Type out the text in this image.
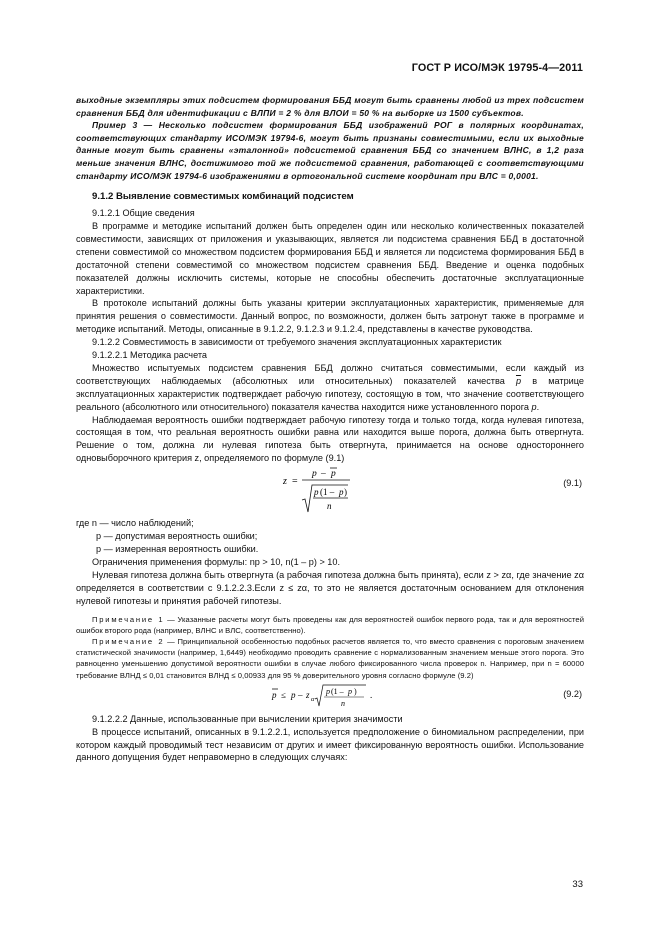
ГОСТ Р ИСО/МЭК 19795-4—2011

выходные экземпляры этих подсистем формирования ББД могут быть сравнены любой из трех подсистем сравнения ББД для идентификации с ВЛПИ = 2 % для ВЛОИ = 50 % на выборке из 1500 субъектов.

Пример 3 — Несколько подсистем формирования ББД изображений РОГ в полярных координатах, соответствующих стандарту ИСО/МЭК 19794-6, могут быть признаны совместимыми, если их выходные данные могут быть сравнены «эталонной» подсистемой сравнения ББД со значением ВЛНС, в 1,2 раза меньше значения ВЛНС, достижимого той же подсистемой сравнения, работающей с соответствующими стандарту ИСО/МЭК 19794-6 изображениями в ортогональной системе координат при ВЛС = 0,0001.

9.1.2 Выявление совместимых комбинаций подсистем

9.1.2.1 Общие сведения

В программе и методике испытаний должен быть определен один или несколько количественных показателей совместимости, зависящих от приложения и указывающих, является ли подсистема сравнения ББД в достаточной степени совместимой со множеством подсистем формирования ББД и является ли подсистема формирования ББД в достаточной степени совместимой со множеством подсистем сравнения ББД. Введение и оценка подобных показателей должны исключить системы, которые не способны обеспечить достаточные эксплуатационные характеристики.

В протоколе испытаний должны быть указаны критерии эксплуатационных характеристик, применяемые для принятия решения о совместимости. Данный вопрос, по возможности, должен быть затронут также в программе и методике испытаний. Методы, описанные в 9.1.2.2, 9.1.2.3 и 9.1.2.4, представлены в качестве руководства.

9.1.2.2 Совместимость в зависимости от требуемого значения эксплуатационных характеристик

9.1.2.2.1 Методика расчета

Множество испытуемых подсистем сравнения ББД должно считаться совместимыми, если каждый из соответствующих наблюдаемых (абсолютных или относительных) показателей качества $\overline{p}$ в матрице эксплуатационных характеристик подтверждает рабочую гипотезу, состоящую в том, что значение соответствующего реального (абсолютного или относительного) показателя качества находится ниже установленного порога p.

Наблюдаемая вероятность ошибки подтверждает рабочую гипотезу тогда и только тогда, когда нулевая гипотеза, состоящая в том, что реальная вероятность ошибки равна или находится выше порога, должна быть отвергнута. Решение о том, должна ли нулевая гипотеза быть отвергнута, принимается на основе одностороннего одновыборочного критерия z, определяемого по формуле (9.1)

z =
p – p
p (1 – p )
n
(9.1)

где n — число наблюдений;

p — допустимая вероятность ошибки;

p — измеренная вероятность ошибки.

Ограничения применения формулы: np > 10, n(1 – p) > 10.

Нулевая гипотеза должна быть отвергнута (а рабочая гипотеза должна быть принята), если z > zα, где значение zα определяется в соответствии с 9.1.2.2.3.Если z ≤ zα, то это не является достаточным основанием для отклонения нулевой гипотезы и принятия рабочей гипотезы.

Примечание 1 — Указанные расчеты могут быть проведены как для вероятностей ошибок первого рода, так и для вероятностей ошибок второго рода (например, ВЛНС и ВЛС, соответственно).

Примечание 2 — Принципиальной особенностью подобных расчетов является то, что вместо сравнения с пороговым значением статистической значимости (например, 1,6449) необходимо проводить сравнение с нормализованным значением меньше этого порога. Это равноценно уменьшению допустимой вероятности ошибки в случае любого фиксированного числа проверок n. Например, при n = 60000 требование ВЛНД ≤ 0,01 становится ВЛНД ≤ 0,00933 для 95 % доверительного уровня согласно формуле (9.2)

p ≤ p – z α
p (1 – p )
n
.	(9.2)

9.1.2.2.2 Данные, использованные при вычислении критерия значимости

В процессе испытаний, описанных в 9.1.2.2.1, используется предположение о биномиальном распределении, при котором каждый проводимый тест независим от других и имеет фиксированную вероятность ошибки. Использование данного допущения будет неправомерно в следующих случаях:

33
